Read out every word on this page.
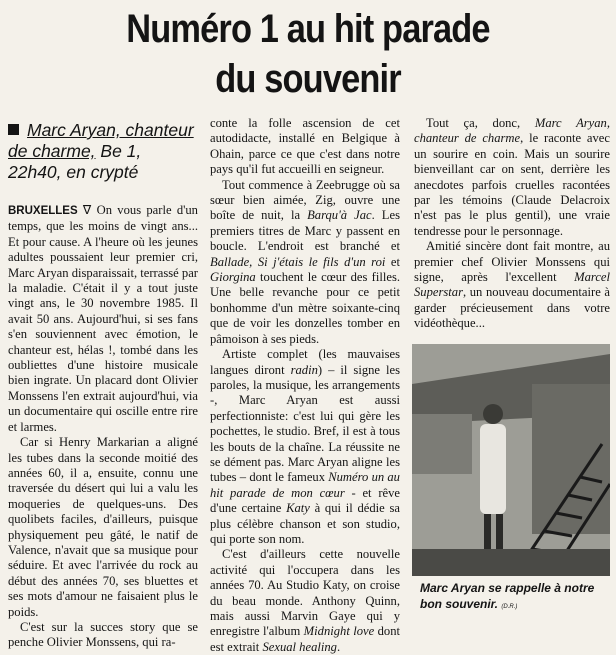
Numéro 1 au hit parade
du souvenir
Marc Aryan, chanteur de charme, Be 1, 22h40, en crypté

BRUXELLES ∇ On vous parle d'un temps, que les moins de vingt ans... Et pour cause. A l'heure où les jeunes adultes poussaient leur premier cri, Marc Aryan disparaissait, terrassé par la maladie. C'était il y a tout juste vingt ans, le 30 novembre 1985. Il avait 50 ans. Aujourd'hui, si ses fans s'en souviennent avec émotion, le chanteur est, hélas !, tombé dans les oubliettes d'une histoire musicale bien ingrate. Un placard dont Olivier Monssens l'en extrait aujourd'hui, via un documentaire qui oscille entre rire et larmes.

Car si Henry Markarian a aligné les tubes dans la seconde moitié des années 60, il a, ensuite, connu une traversée du désert qui lui a valu les moqueries de quelques-uns. Des quolibets faciles, d'ailleurs, puisque physiquement peu gâté, le natif de Valence, n'avait que sa musique pour séduire. Et avec l'arrivée du rock au début des années 70, ses bluettes et ses mots d'amour ne faisaient plus le poids.

C'est sur la succes story que se penche Olivier Monssens, qui ra-

conte la folle ascension de cet autodidacte, installé en Belgique à Ohain, parce ce que c'est dans notre pays qu'il fut accueilli en seigneur.

Tout commence à Zeebrugge où sa sœur bien aimée, Zig, ouvre une boîte de nuit, la Barqu'à Jac. Les premiers titres de Marc y passent en boucle. L'endroit est branché et Ballade, Si j'étais le fils d'un roi et Giorgina touchent le cœur des filles. Une belle revanche pour ce petit bonhomme d'un mètre soixante-cinq que de voir les donzelles tomber en pâmoison à ses pieds.

Artiste complet (les mauvaises langues diront radin) – il signe les paroles, la musique, les arrangements -, Marc Aryan est aussi perfectionniste: c'est lui qui gère les pochettes, le studio. Bref, il est à tous les bouts de la chaîne. La réussite ne se dément pas. Marc Aryan aligne les tubes – dont le fameux Numéro un au hit parade de mon cœur - et rêve d'une certaine Katy à qui il dédie sa plus célèbre chanson et son studio, qui porte son nom.

C'est d'ailleurs cette nouvelle activité qui l'occupera dans les années 70. Au Studio Katy, on croise du beau monde. Anthony Quinn, mais aussi Marvin Gaye qui y enregistre l'album Midnight love dont est extrait Sexual healing.

Tout ça, donc, Marc Aryan, chanteur de charme, le raconte avec un sourire en coin. Mais un sourire bienveillant car on sent, derrière les anecdotes parfois cruelles racontées par les témoins (Claude Delacroix n'est pas le plus gentil), une vraie tendresse pour le personnage.

Amitié sincère dont fait montre, au premier chef Olivier Monssens qui signe, après l'excellent Marcel Superstar, un nouveau documentaire à garder précieusement dans votre vidéothèque...

Marc Aryan se rappelle à notre bon souvenir. (D.R.)
